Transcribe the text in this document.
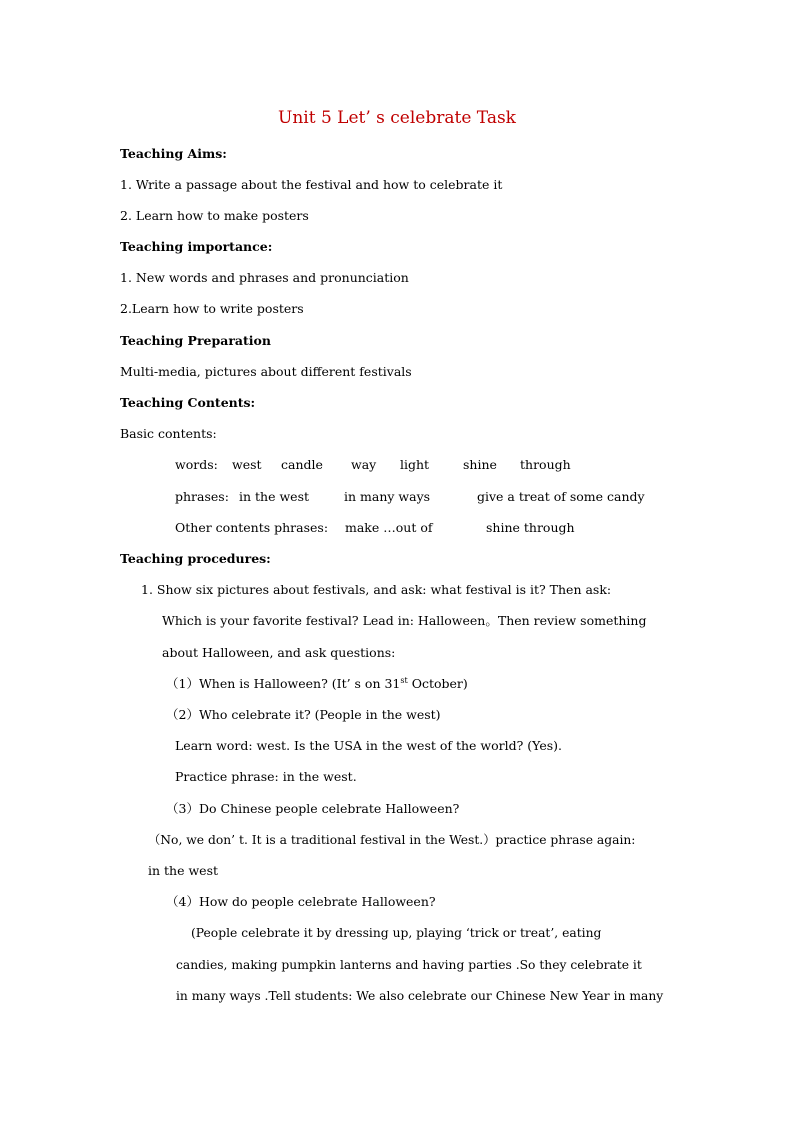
Unit 5 Let’ s celebrate Task
Teaching Aims:
1. Write a passage about the festival and how to celebrate it
2. Learn how to make posters
Teaching importance:
1. New words and phrases and pronunciation
2.Learn how to write posters
Teaching Preparation
Multi-media, pictures about different festivals
Teaching Contents:
Basic contents:
words: west candle way light	shine through
phrases: in the west	in many ways	give a treat of some candy
Other contents phrases: make …out of	shine through
Teaching procedures:
1. Show six pictures about festivals, and ask: what festival is it? Then ask:
Which is your favorite festival? Lead in: Halloween。Then review something
about Halloween, and ask questions:
（1）When is Halloween? (It’ s on 31st October)
（2）Who celebrate it? (People in the west)
Learn word: west. Is the USA in the west of the world? (Yes).
Practice phrase: in the west.
（3）Do Chinese people celebrate Halloween?
（No, we don’ t. It is a traditional festival in the West.）practice phrase again:
in the west
（4）How do people celebrate Halloween?
(People celebrate it by dressing up, playing ‘trick or treat’, eating
candies, making pumpkin lanterns and having parties .So they celebrate it
in many ways .Tell students: We also celebrate our Chinese New Year in many
